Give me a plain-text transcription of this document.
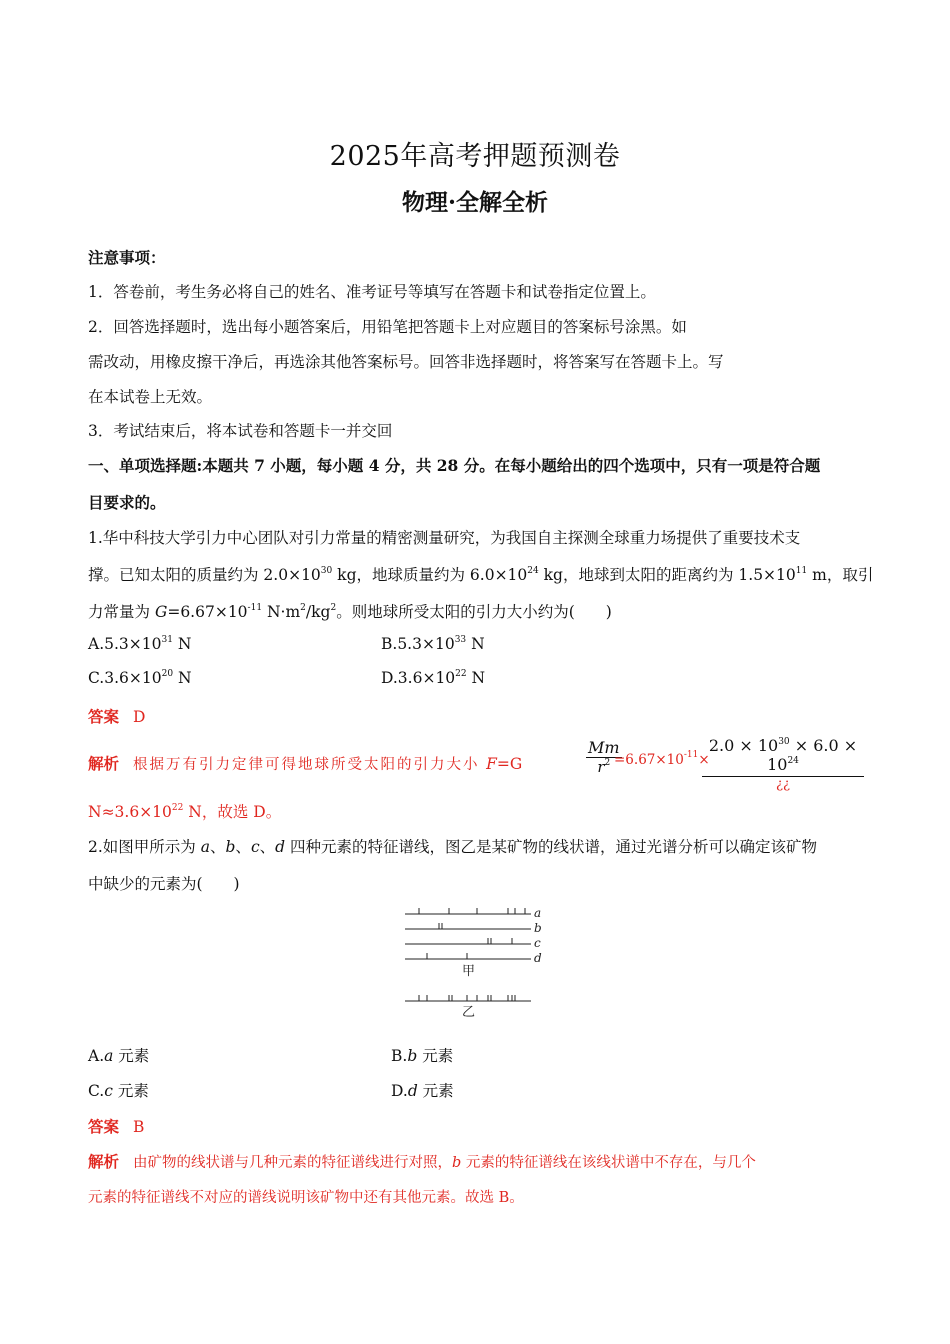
2025年高考押题预测卷
物理·全解全析
注意事项：
1．答卷前，考生务必将自己的姓名、准考证号等填写在答题卡和试卷指定位置上。
2．回答选择题时，选出每小题答案后，用铅笔把答题卡上对应题目的答案标号涂黑。如
需改动，用橡皮擦干净后，再选涂其他答案标号。回答非选择题时，将答案写在答题卡上。写
在本试卷上无效。
3．考试结束后，将本试卷和答题卡一并交回
一、单项选择题:本题共 7 小题，每小题 4 分，共 28 分。在每小题给出的四个选项中，只有一项是符合题
目要求的。
1.华中科技大学引力中心团队对引力常量的精密测量研究，为我国自主探测全球重力场提供了重要技术支
撑。已知太阳的质量约为 $2.0\times 10^{30}$ kg，地球质量约为 $6.0\times 10^{24}$ kg，地球到太阳的距离约为 $1.5\times 10^{11}$ m，取引
力常量为 $G=6.67\times 10^{-11}$ $N\cdot m^2/kg^2$。则地球所受太阳的引力大小约为(　　)
$A.5.3\times 10^{31}$ N	$B.5.3\times 10^{33}$ N
$C.3.6\times 10^{20}$ N	$D.3.6\times 10^{22}$ N
答案 D
解析 根据万有引力定律可得地球所受太阳的引力大小 F=G	$\frac{Mm}{r^2}$
$=6.67\times 10^{-11}\times$
$2.0 \times 10^{30} \times 6.0 \times 10^{24}$
¿¿
$N\approx 3.6\times 10^{22}$ N，故选 D。
2.如图甲所示为 a、b、c、d 四种元素的特征谱线，图乙是某矿物的线状谱，通过光谱分析可以确定该矿物
中缺少的元素为(　　)
a
b
c
d
甲
乙
A.a 元素	B.b 元素
C.c 元素	D.d 元素
答案 B
解析 由矿物的线状谱与几种元素的特征谱线进行对照，b 元素的特征谱线在该线状谱中不存在，与几个
元素的特征谱线不对应的谱线说明该矿物中还有其他元素。故选 B。
